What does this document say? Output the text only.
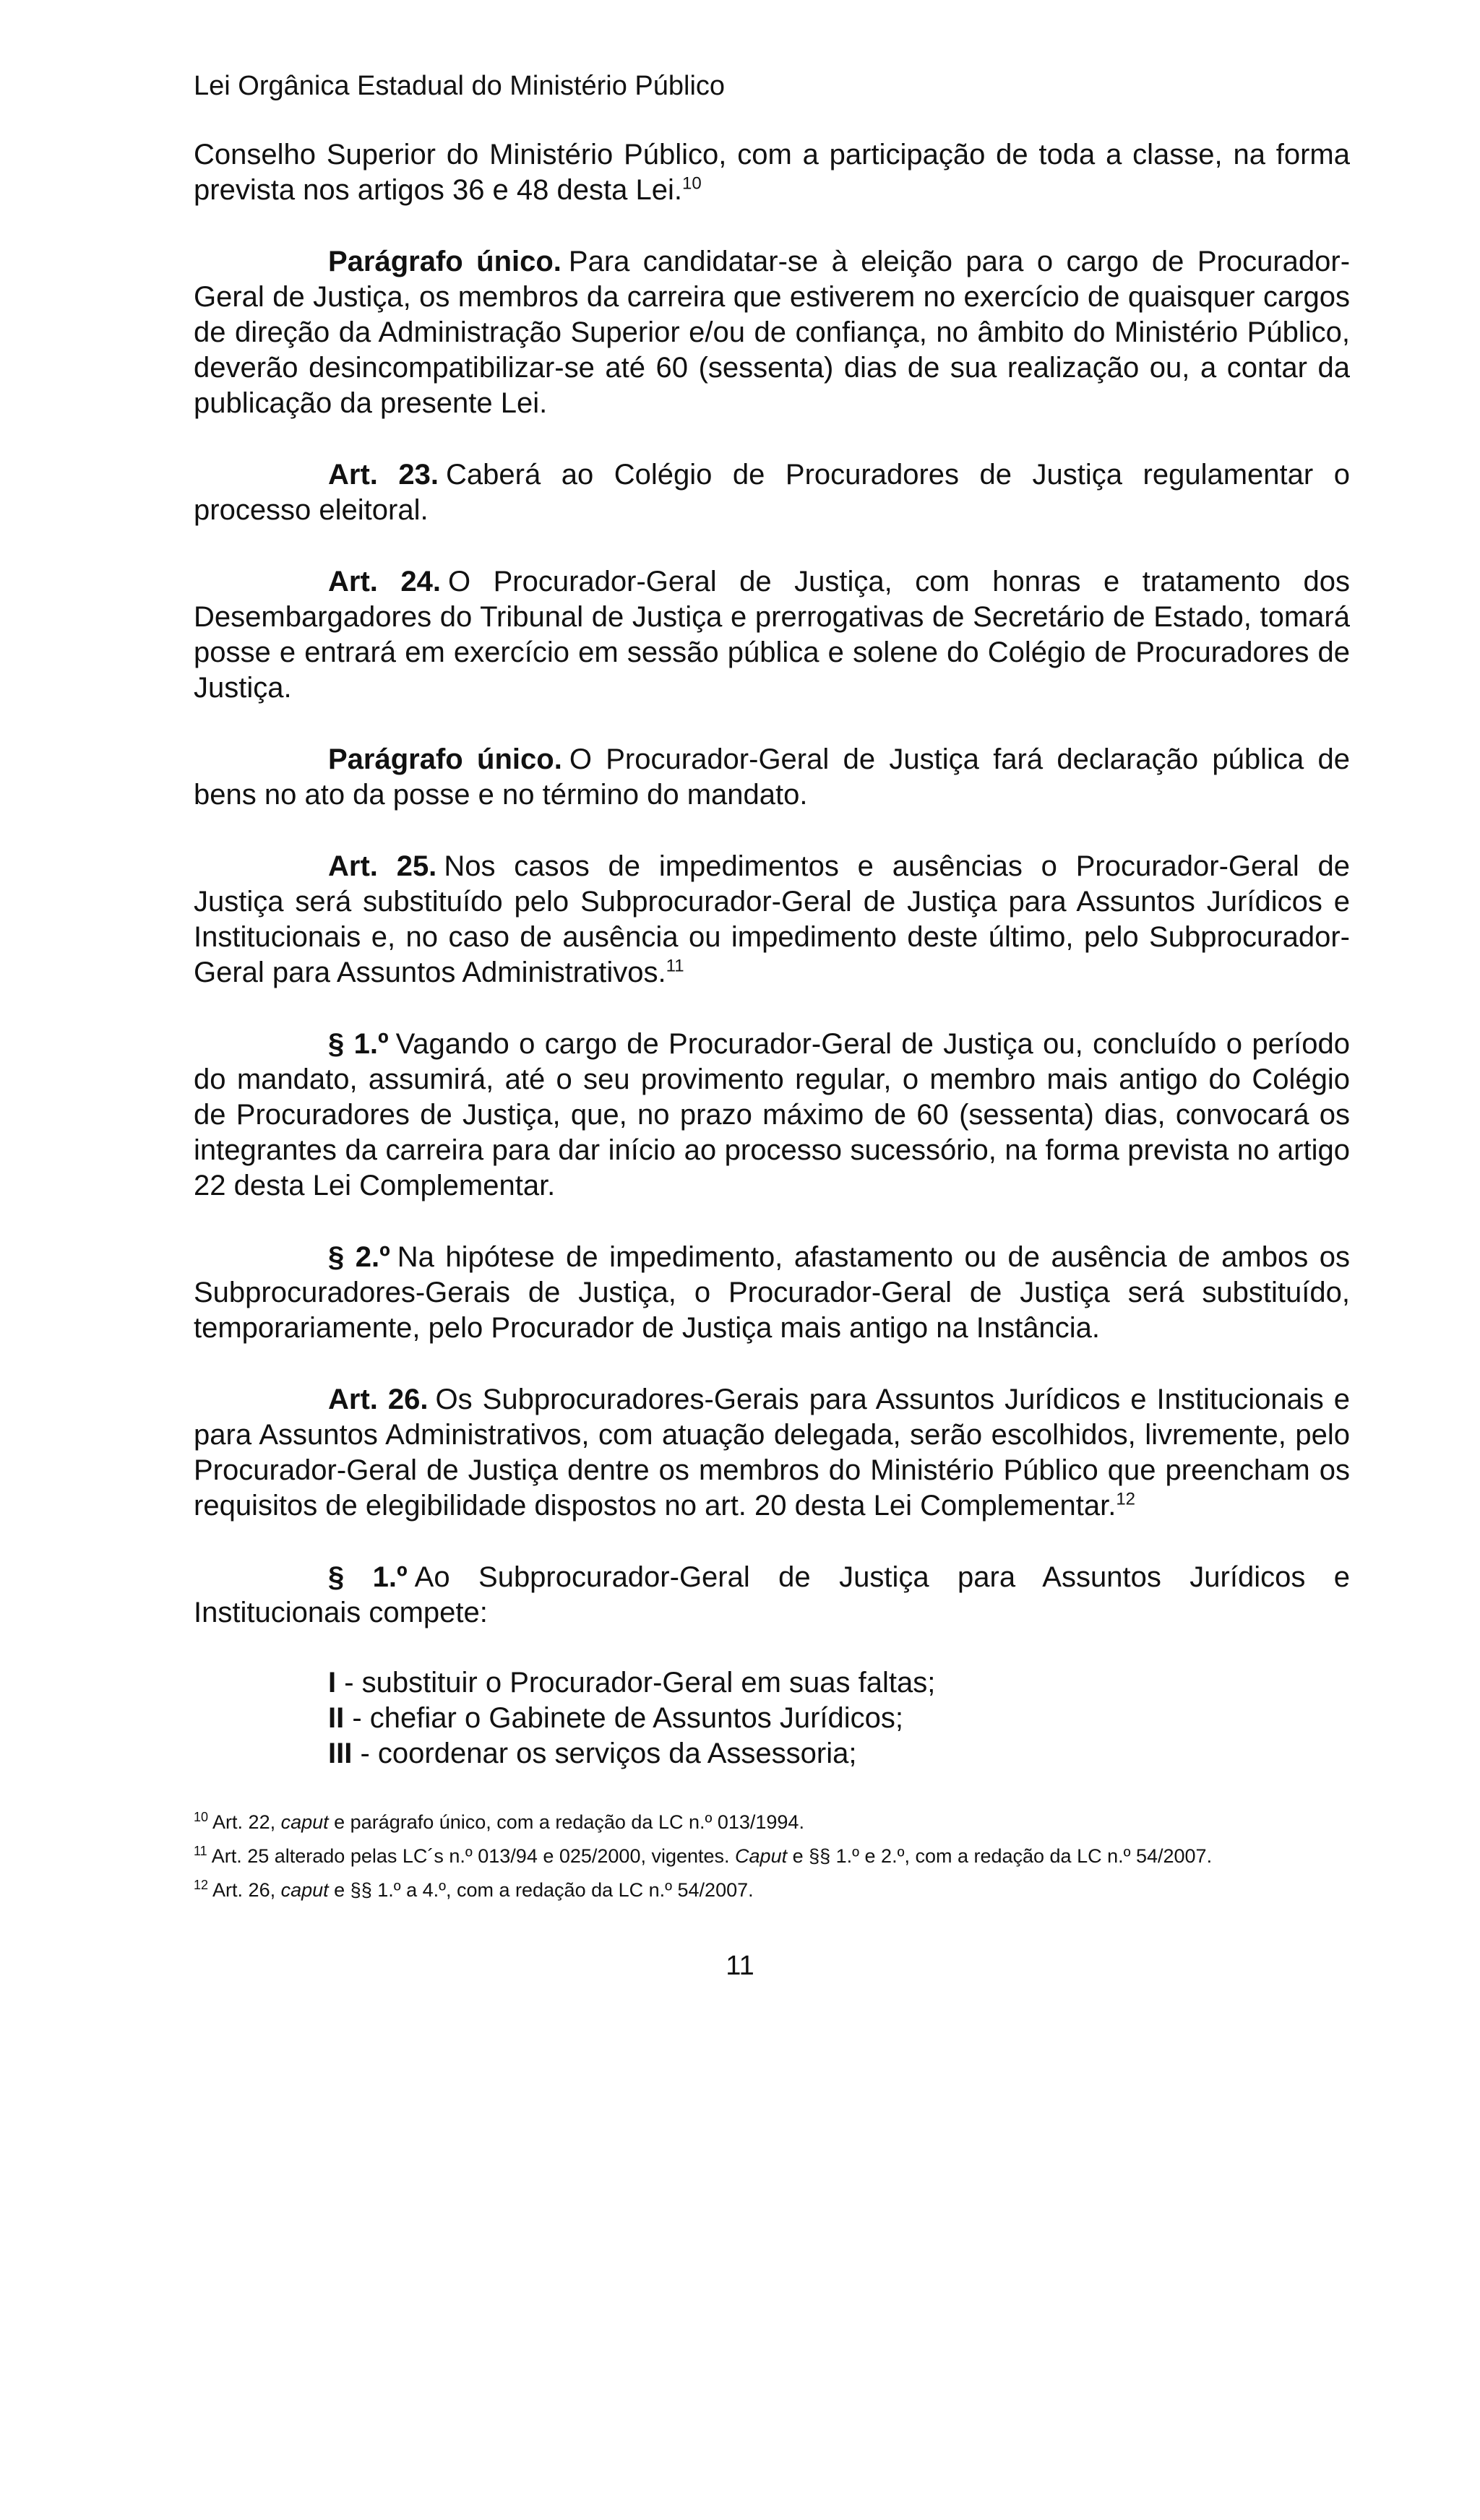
Lei Orgânica Estadual do Ministério Público

Conselho Superior do Ministério Público, com a participação de toda a classe, na forma prevista nos artigos 36 e 48 desta Lei.$^{10}$

Parágrafo único. Para candidatar-se à eleição para o cargo de Procurador-Geral de Justiça, os membros da carreira que estiverem no exercício de quaisquer cargos de direção da Administração Superior e/ou de confiança, no âmbito do Ministério Público, deverão desincompatibilizar-se até 60 (sessenta) dias de sua realização ou, a contar da publicação da presente Lei.

Art. 23. Caberá ao Colégio de Procuradores de Justiça regulamentar o processo eleitoral.

Art. 24. O Procurador-Geral de Justiça, com honras e tratamento dos Desembargadores do Tribunal de Justiça e prerrogativas de Secretário de Estado, tomará posse e entrará em exercício em sessão pública e solene do Colégio de Procuradores de Justiça.

Parágrafo único. O Procurador-Geral de Justiça fará declaração pública de bens no ato da posse e no término do mandato.

Art. 25. Nos casos de impedimentos e ausências o Procurador-Geral de Justiça será substituído pelo Subprocurador-Geral de Justiça para Assuntos Jurídicos e Institucionais e, no caso de ausência ou impedimento deste último, pelo Subprocurador-Geral para Assuntos Administrativos.$^{11}$

§ 1.º Vagando o cargo de Procurador-Geral de Justiça ou, concluído o período do mandato, assumirá, até o seu provimento regular, o membro mais antigo do Colégio de Procuradores de Justiça, que, no prazo máximo de 60 (sessenta) dias, convocará os integrantes da carreira para dar início ao processo sucessório, na forma prevista no artigo 22 desta Lei Complementar.

§ 2.º Na hipótese de impedimento, afastamento ou de ausência de ambos os Subprocuradores-Gerais de Justiça, o Procurador-Geral de Justiça será substituído, temporariamente, pelo Procurador de Justiça mais antigo na Instância.

Art. 26. Os Subprocuradores-Gerais para Assuntos Jurídicos e Institucionais e para Assuntos Administrativos, com atuação delegada, serão escolhidos, livremente, pelo Procurador-Geral de Justiça dentre os membros do Ministério Público que preencham os requisitos de elegibilidade dispostos no art. 20 desta Lei Complementar.$^{12}$

§ 1.º Ao Subprocurador-Geral de Justiça para Assuntos Jurídicos e Institucionais compete:

I - substituir o Procurador-Geral em suas faltas;

II - chefiar o Gabinete de Assuntos Jurídicos;

III - coordenar os serviços da Assessoria;

$^{10}$ Art. 22, caput e parágrafo único, com a redação da LC n.º 013/1994.

$^{11}$ Art. 25 alterado pelas LC´s n.º 013/94 e 025/2000, vigentes. Caput e §§ 1.º e 2.º, com a redação da LC n.º 54/2007.

$^{12}$ Art. 26, caput e §§ 1.º a 4.º, com a redação da LC n.º 54/2007.

11
